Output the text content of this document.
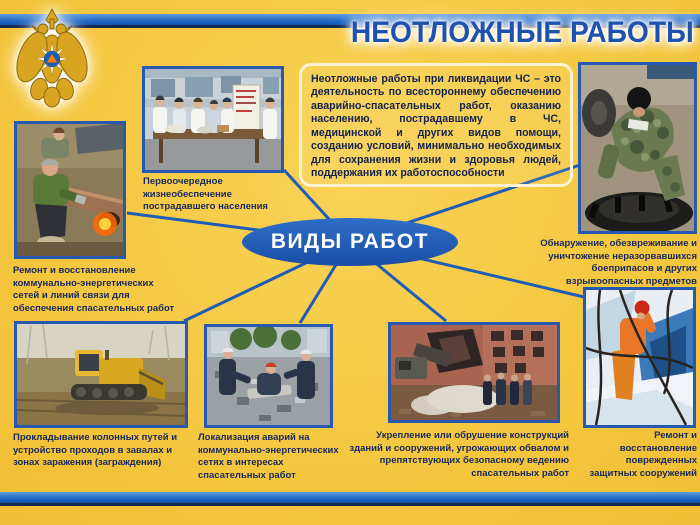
НЕОТЛОЖНЫЕ РАБОТЫ
Неотложные работы при ликвидации ЧС – это деятельность по всестороннему обеспечению аварийно-спасательных работ, оказанию населению, пострадавшему в ЧС, медицинской и других видов помощи, созданию условий, минимально необходимых для сохранения жизни и здоровья людей, поддержания их работоспособности
ВИДЫ РАБОТ
Первоочередное жизнеобеспечение пострадавшего населения
Ремонт и восстановление коммунально-энергетических сетей и линий связи для обеспечения спасательных работ
Обнаружение, обезвреживание и уничтожение неразорвавшихся боеприпасов и других взрывоопасных предметов
Прокладывание колонных путей и устройство проходов в завалах и зонах заражения (заграждения)
Локализация аварий на коммунально-энергетических сетях в интересах спасательных работ
Укрепление или обрушение конструкций зданий и сооружений, угрожающих обвалом и препятствующих безопасному ведению спасательных работ
Ремонт и восстановление поврежденных защитных сооружений
